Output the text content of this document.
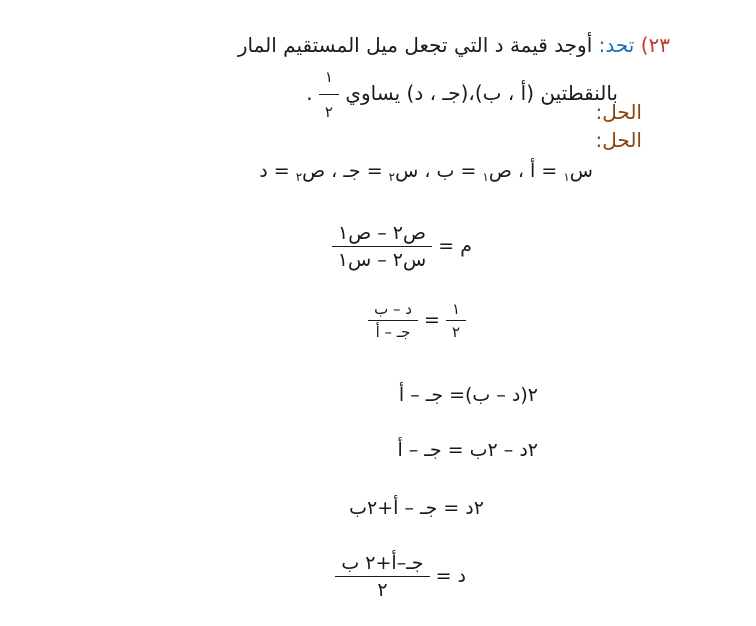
٢٣) تحد: أوجد قيمة د التي تجعل ميل المستقيم المار
بالنقطتين (أ ، ب)،(جـ ، د) يساوي
$\frac{١}{٢}$
.
الحل:
الحل:
س$_١$ = أ ، ص$_١$ = ب ، س$_٢$ = جـ ، ص$_٢$ = د
م =
$\frac{\text{ص٢ – ص١}}{\text{س٢ – س١}}$
$\frac{١}{٢}$
=
$\frac{\text{د – ب}}{\text{جـ – أ}}$
٢(د – ب)= جـ – أ
٢د – ٢ب = جـ – أ
٢د = جـ – أ+٢ب
د =
$\frac{\text{جـ–أ+٢ ب}}{٢}$
